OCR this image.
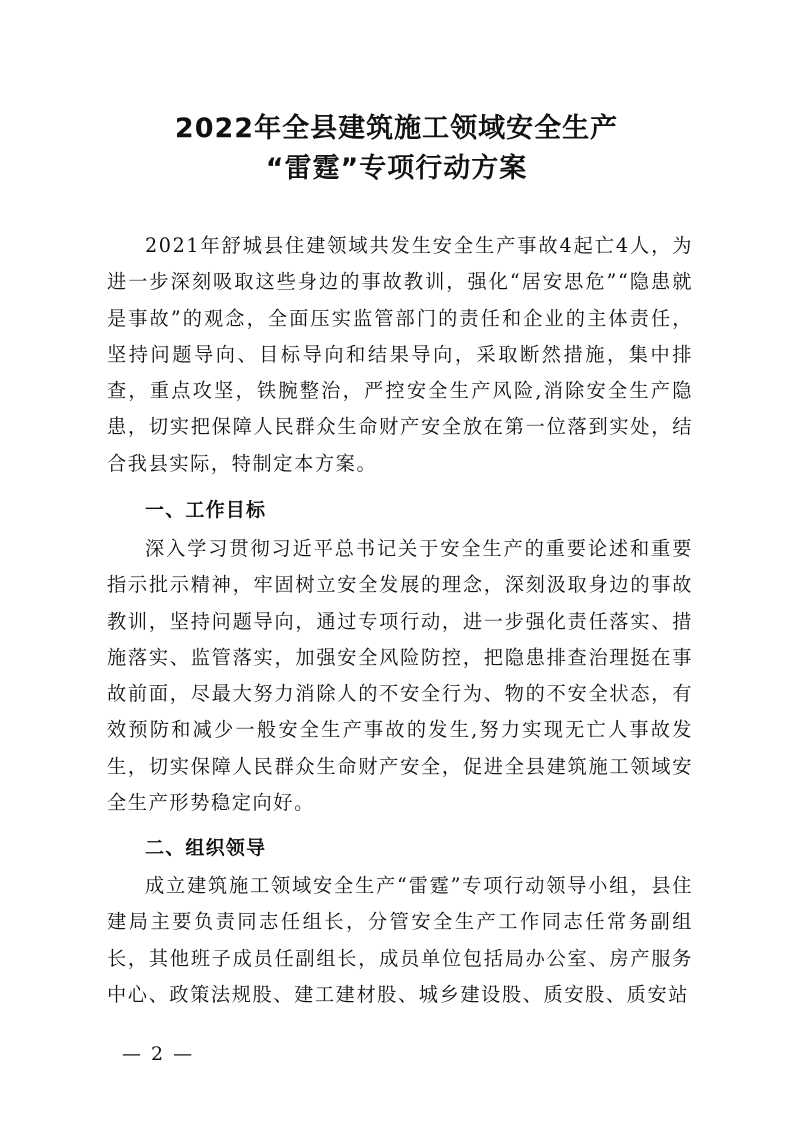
2022年全县建筑施工领域安全生产
“雷霆”专项行动方案

2021年舒城县住建领域共发生安全生产事故4起亡4人，为进一步深刻吸取这些身边的事故教训，强化“居安思危”“隐患就是事故”的观念，全面压实监管部门的责任和企业的主体责任，坚持问题导向、目标导向和结果导向，采取断然措施，集中排查，重点攻坚，铁腕整治，严控安全生产风险,消除安全生产隐患，切实把保障人民群众生命财产安全放在第一位落到实处，结合我县实际，特制定本方案。

一、工作目标

深入学习贯彻习近平总书记关于安全生产的重要论述和重要指示批示精神，牢固树立安全发展的理念，深刻汲取身边的事故教训，坚持问题导向，通过专项行动，进一步强化责任落实、措施落实、监管落实，加强安全风险防控，把隐患排查治理挺在事故前面，尽最大努力消除人的不安全行为、物的不安全状态，有效预防和减少一般安全生产事故的发生,努力实现无亡人事故发生，切实保障人民群众生命财产安全，促进全县建筑施工领域安全生产形势稳定向好。

二、组织领导

成立建筑施工领域安全生产“雷霆”专项行动领导小组，县住建局主要负责同志任组长，分管安全生产工作同志任常务副组长，其他班子成员任副组长，成员单位包括局办公室、房产服务中心、政策法规股、建工建材股、城乡建设股、质安股、质安站

— 2 —
